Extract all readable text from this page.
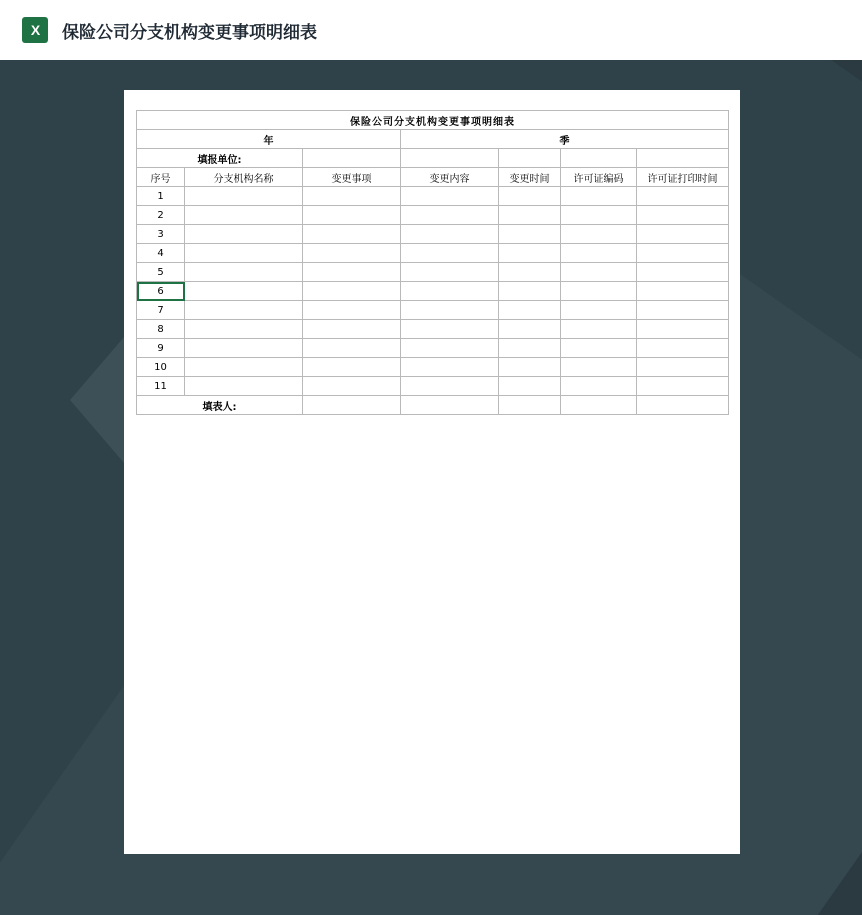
X	保险公司分支机构变更事项明细表
保险公司分支机构变更事项明细表						
年			季			
填报单位:						
序号	分支机构名称	变更事项	变更内容	变更时间	许可证编码	许可证打印时间
1						
2						
3						
4						
5						
6						
7						
8						
9						
10						
11						
填表人:						
